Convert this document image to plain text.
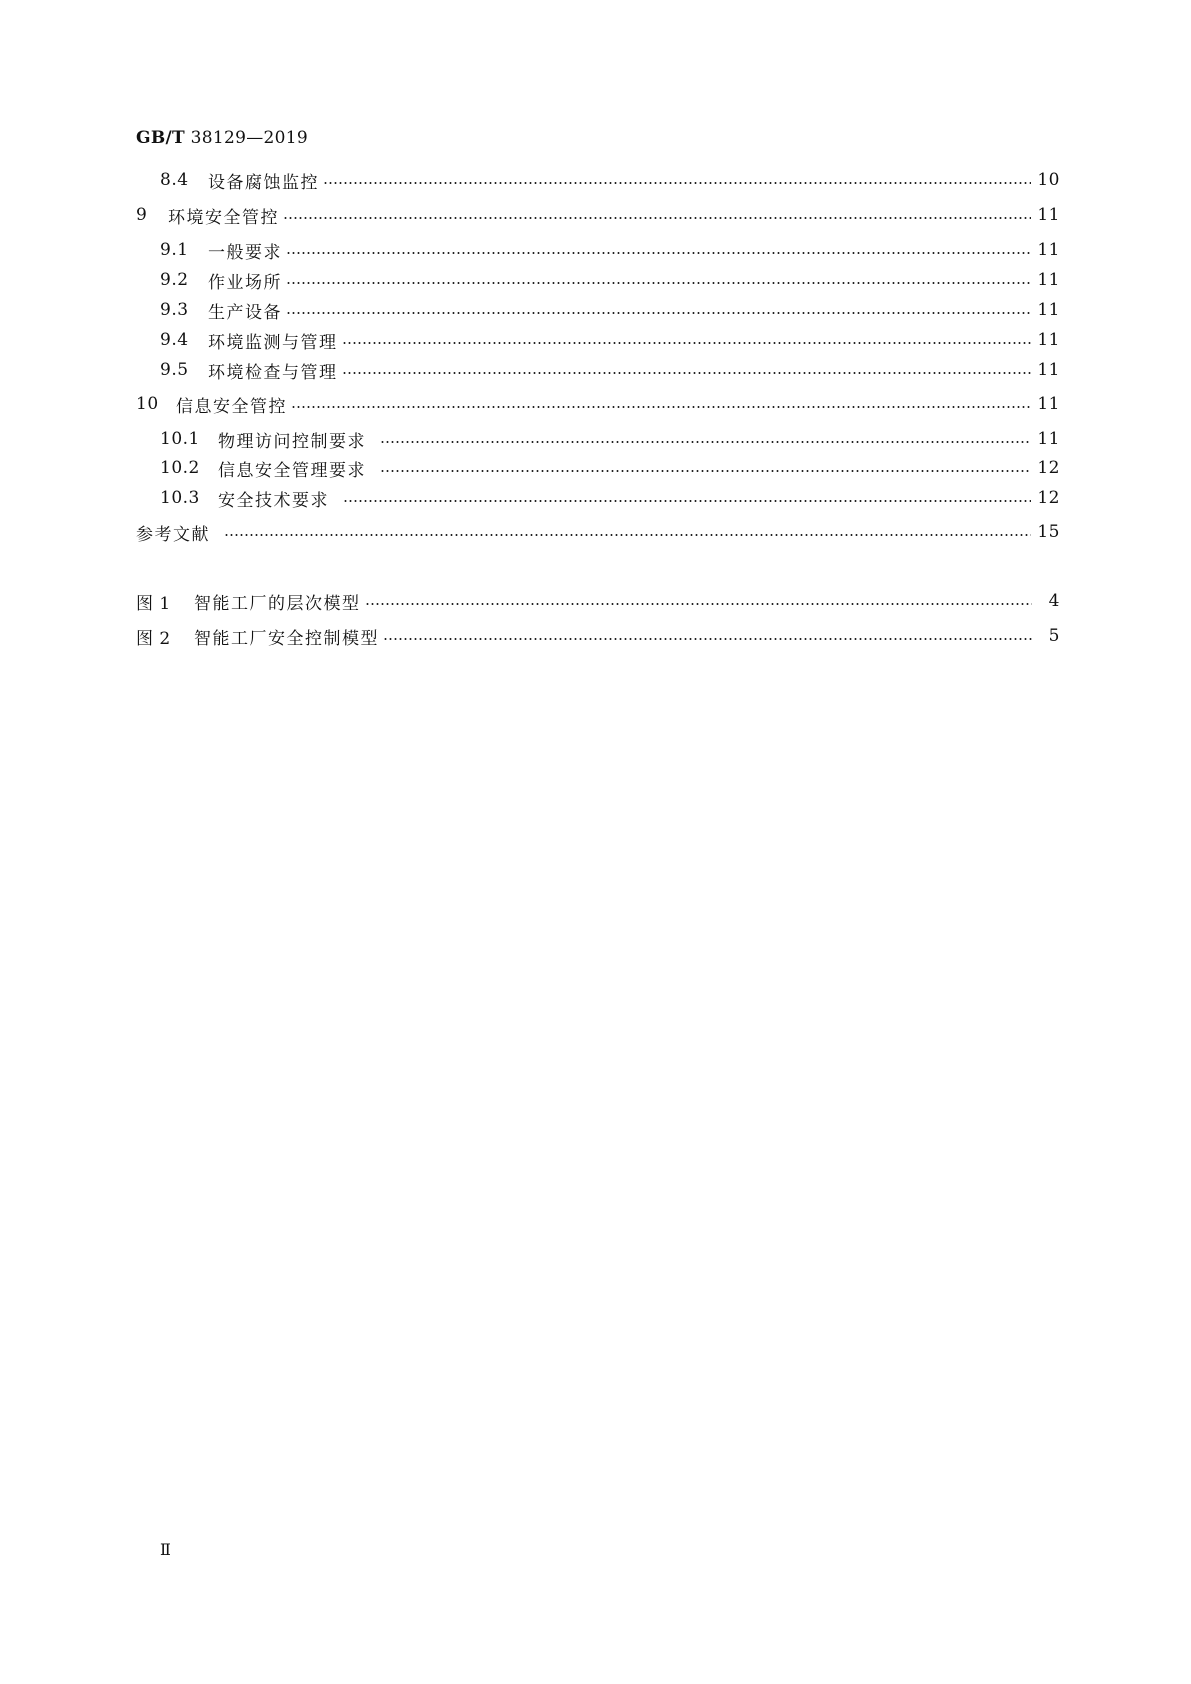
GB/T 38129—2019
8.4	设备腐蚀监控	10
9	环境安全管控	11
9.1	一般要求	11
9.2	作业场所	11
9.3	生产设备	11
9.4	环境监测与管理	11
9.5	环境检查与管理	11
10	信息安全管控	11
10.1	物理访问控制要求	11
10.2	信息安全管理要求	12
10.3	安全技术要求	12
参考文献	15
图 1	智能工厂的层次模型	4
图 2	智能工厂安全控制模型	5
Ⅱ
